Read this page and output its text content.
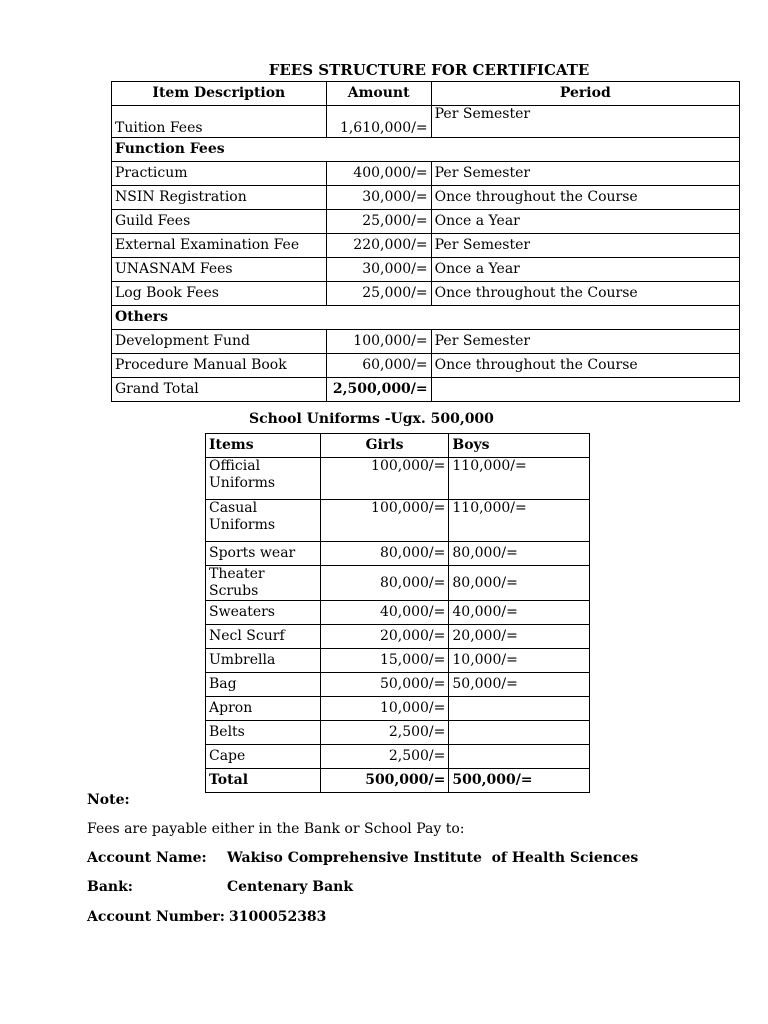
FEES STRUCTURE FOR CERTIFICATE
Item Description	Amount	Period
Tuition Fees	1,610,000/=	Per Semester
Function Fees		
Practicum	400,000/=	Per Semester
NSIN Registration	30,000/=	Once throughout the Course
Guild Fees	25,000/=	Once a Year
External Examination Fee	220,000/=	Per Semester
UNASNAM Fees	30,000/=	Once a Year
Log Book Fees	25,000/=	Once throughout the Course
Others		
Development Fund	100,000/=	Per Semester
Procedure Manual Book	60,000/=	Once throughout the Course
Grand Total	2,500,000/=	
School Uniforms -Ugx. 500,000
Items	Girls	Boys
Official Uniforms	100,000/=	110,000/=
Casual Uniforms	100,000/=	110,000/=
Sports wear	80,000/=	80,000/=
Theater Scrubs	80,000/=	80,000/=
Sweaters	40,000/=	40,000/=
Necl Scurf	20,000/=	20,000/=
Umbrella	15,000/=	10,000/=
Bag	50,000/=	50,000/=
Apron	10,000/=	
Belts	2,500/=	
Cape	2,500/=	
Total	500,000/=	500,000/=
Note:
Fees are payable either in the Bank or School Pay to:
Account Name: Wakiso Comprehensive Institute  of Health Sciences
Bank:	Centenary Bank
Account Number: 3100052383
